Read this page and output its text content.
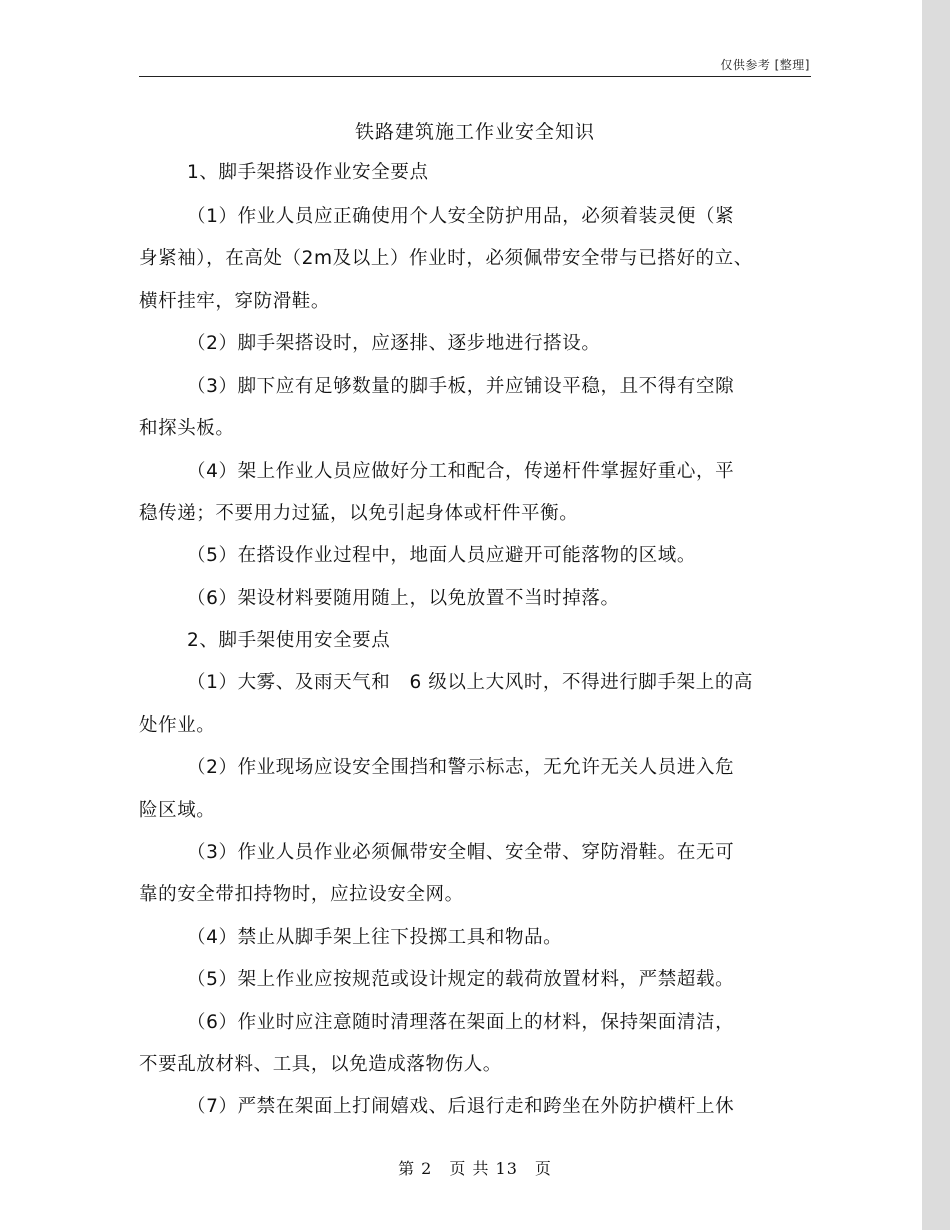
仅供参考 [整理]
铁路建筑施工作业安全知识
1、脚手架搭设作业安全要点
（1）作业人员应正确使用个人安全防护用品，必须着装灵便（紧
身紧袖），在高处（2m及以上）作业时，必须佩带安全带与已搭好的立、
横杆挂牢，穿防滑鞋。
（2）脚手架搭设时，应逐排、逐步地进行搭设。
（3）脚下应有足够数量的脚手板，并应铺设平稳，且不得有空隙
和探头板。
（4）架上作业人员应做好分工和配合，传递杆件掌握好重心，平
稳传递；不要用力过猛，以免引起身体或杆件平衡。
（5）在搭设作业过程中，地面人员应避开可能落物的区域。
（6）架设材料要随用随上，以免放置不当时掉落。
2、脚手架使用安全要点
（1）大雾、及雨天气和　6 级以上大风时，不得进行脚手架上的高
处作业。
（2）作业现场应设安全围挡和警示标志，无允许无关人员进入危
险区域。
（3）作业人员作业必须佩带安全帽、安全带、穿防滑鞋。在无可
靠的安全带扣持物时，应拉设安全网。
（4）禁止从脚手架上往下投掷工具和物品。
（5）架上作业应按规范或设计规定的载荷放置材料，严禁超载。
（6）作业时应注意随时清理落在架面上的材料，保持架面清洁，
不要乱放材料、工具，以免造成落物伤人。
（7）严禁在架面上打闹嬉戏、后退行走和跨坐在外防护横杆上休
第 2　页 共 13　页
